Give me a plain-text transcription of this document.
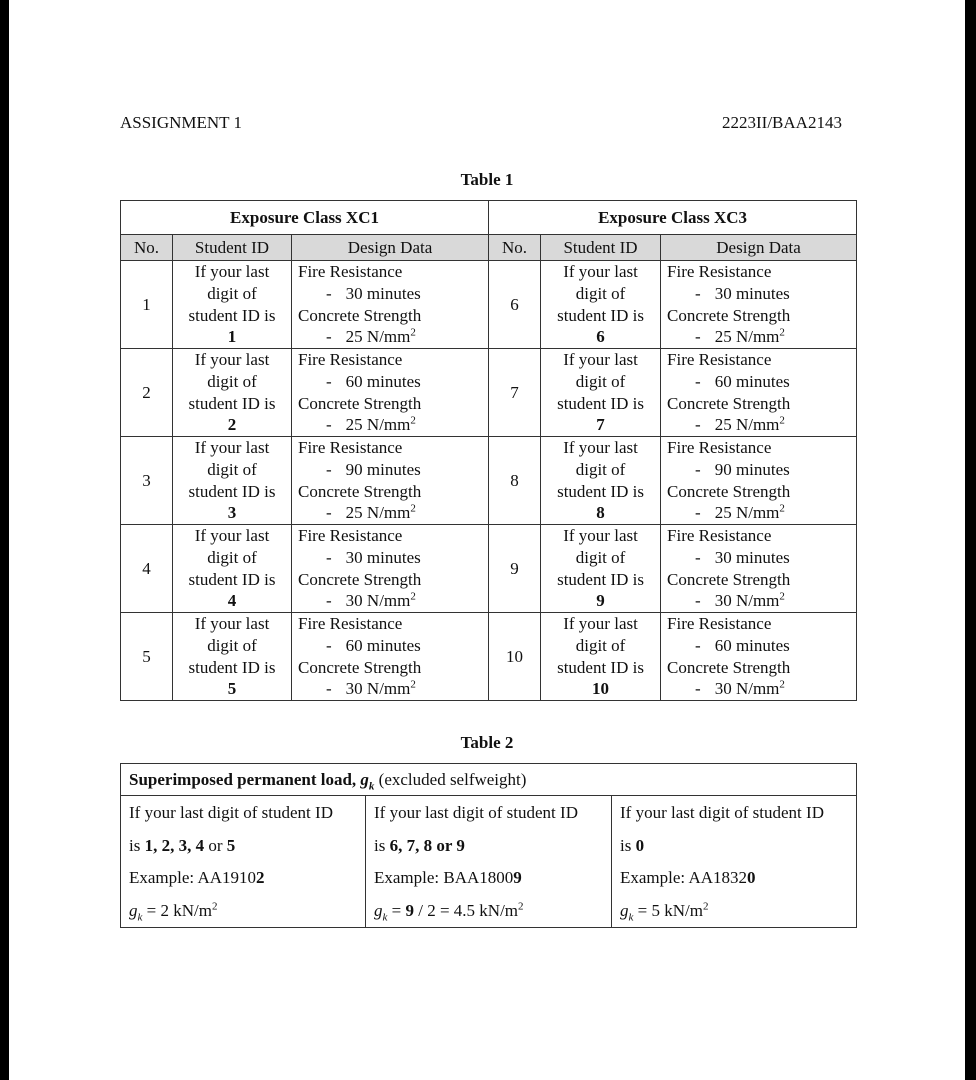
ASSIGNMENT 1	2223II/BAA2143
Table 1
Exposure Class XC1			Exposure Class XC3		
No.	Student ID	Design Data	No.	Student ID	Design Data
1	If your last
digit of
student ID is
1	Fire Resistance
- 30 minutes
Concrete Strength
- 25 $N/mm^2$	6	If your last
digit of
student ID is
6	Fire Resistance
- 30 minutes
Concrete Strength
- 25 $N/mm^2$
2	If your last
digit of
student ID is
2	Fire Resistance
- 60 minutes
Concrete Strength
- 25 $N/mm^2$	7	If your last
digit of
student ID is
7	Fire Resistance
- 60 minutes
Concrete Strength
- 25 $N/mm^2$
3	If your last
digit of
student ID is
3	Fire Resistance
- 90 minutes
Concrete Strength
- 25 $N/mm^2$	8	If your last
digit of
student ID is
8	Fire Resistance
- 90 minutes
Concrete Strength
- 25 $N/mm^2$
4	If your last
digit of
student ID is
4	Fire Resistance
- 30 minutes
Concrete Strength
- 30 $N/mm^2$	9	If your last
digit of
student ID is
9	Fire Resistance
- 30 minutes
Concrete Strength
- 30 $N/mm^2$
5	If your last
digit of
student ID is
5	Fire Resistance
- 60 minutes
Concrete Strength
- 30 $N/mm^2$	10	If your last
digit of
student ID is
10	Fire Resistance
- 60 minutes
Concrete Strength
- 30 $N/mm^2$
Table 2
Superimposed permanent load, $g_k$ (excluded selfweight)
If your last digit of student ID
is 1, 2, 3, 4 or 5
Example: AA19102
$g_k = 2$ $kN/m^2$	If your last digit of student ID
is 6, 7, 8 or 9
Example: BAA18009
$g_k = 9 / 2 = 4.5$ $kN/m^2$	If your last digit of student ID
is 0
Example: AA18320
$g_k = 5$ $kN/m^2$
